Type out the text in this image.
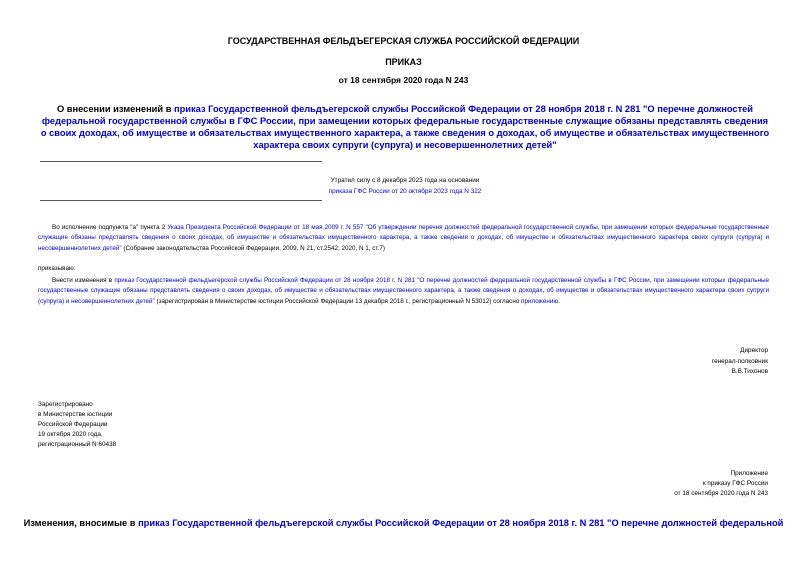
ГОСУДАРСТВЕННАЯ ФЕЛЬДЪЕГЕРСКАЯ СЛУЖБА РОССИЙСКОЙ ФЕДЕРАЦИИ
ПРИКАЗ
от 18 сентября 2020 года N 243
О внесении изменений в приказ Государственной фельдъегерской службы Российской Федерации от 28 ноября 2018 г. N 281 "О перечне должностей федеральной государственной службы в ГФС России, при замещении которых федеральные государственные служащие обязаны представлять сведения о своих доходах, об имуществе и обязательствах имущественного характера, а также сведения о доходах, об имуществе и обязательствах имущественного характера своих супруги (супруга) и несовершеннолетних детей"
Утратил силу с 8 декабря 2023 года на основании
приказа ГФС России от 20 октября 2023 года N 322
Во исполнение подпункта "а" пункта 2 Указа Президента Российской Федерации от 18 мая 2009 г. N 557 "Об утверждении перечня должностей федеральной государственной службы, при замещении которых федеральные государственные служащие обязаны представлять сведения о своих доходах, об имуществе и обязательствах имущественного характера, а также сведения о доходах, об имуществе и обязательствах имущественного характера своих супруги (супруга) и несовершеннолетних детей" (Собрание законодательства Российской Федерации, 2009, N 21, ст.2542; 2020, N 1, ст.7)
приказываю:
Внести изменения в приказ Государственной фельдъегерской службы Российской Федерации от 28 ноября 2018 г. N 281 "О перечне должностей федеральной государственной службы в ГФС России, при замещении которых федеральные государственные служащие обязаны представлять сведения о своих доходах, об имуществе и обязательствах имущественного характера, а также сведения о доходах, об имуществе и обязательствах имущественного характера своих супруги (супруга) и несовершеннолетних детей" (зарегистрирован в Министерстве юстиции Российской Федерации 13 декабря 2018 г., регистрационный N 53012) согласно приложению.
Директор
генерал-полковник
В.В.Тихонов
Зарегистрировано
в Министерстве юстиции
Российской Федерации
19 октября 2020 года,
регистрационный N 60438
Приложение
к приказу ГФС России
от 18 сентября 2020 года N 243
Изменения, вносимые в приказ Государственной фельдъегерской службы Российской Федерации от 28 ноября 2018 г. N 281 "О перечне должностей федеральной
